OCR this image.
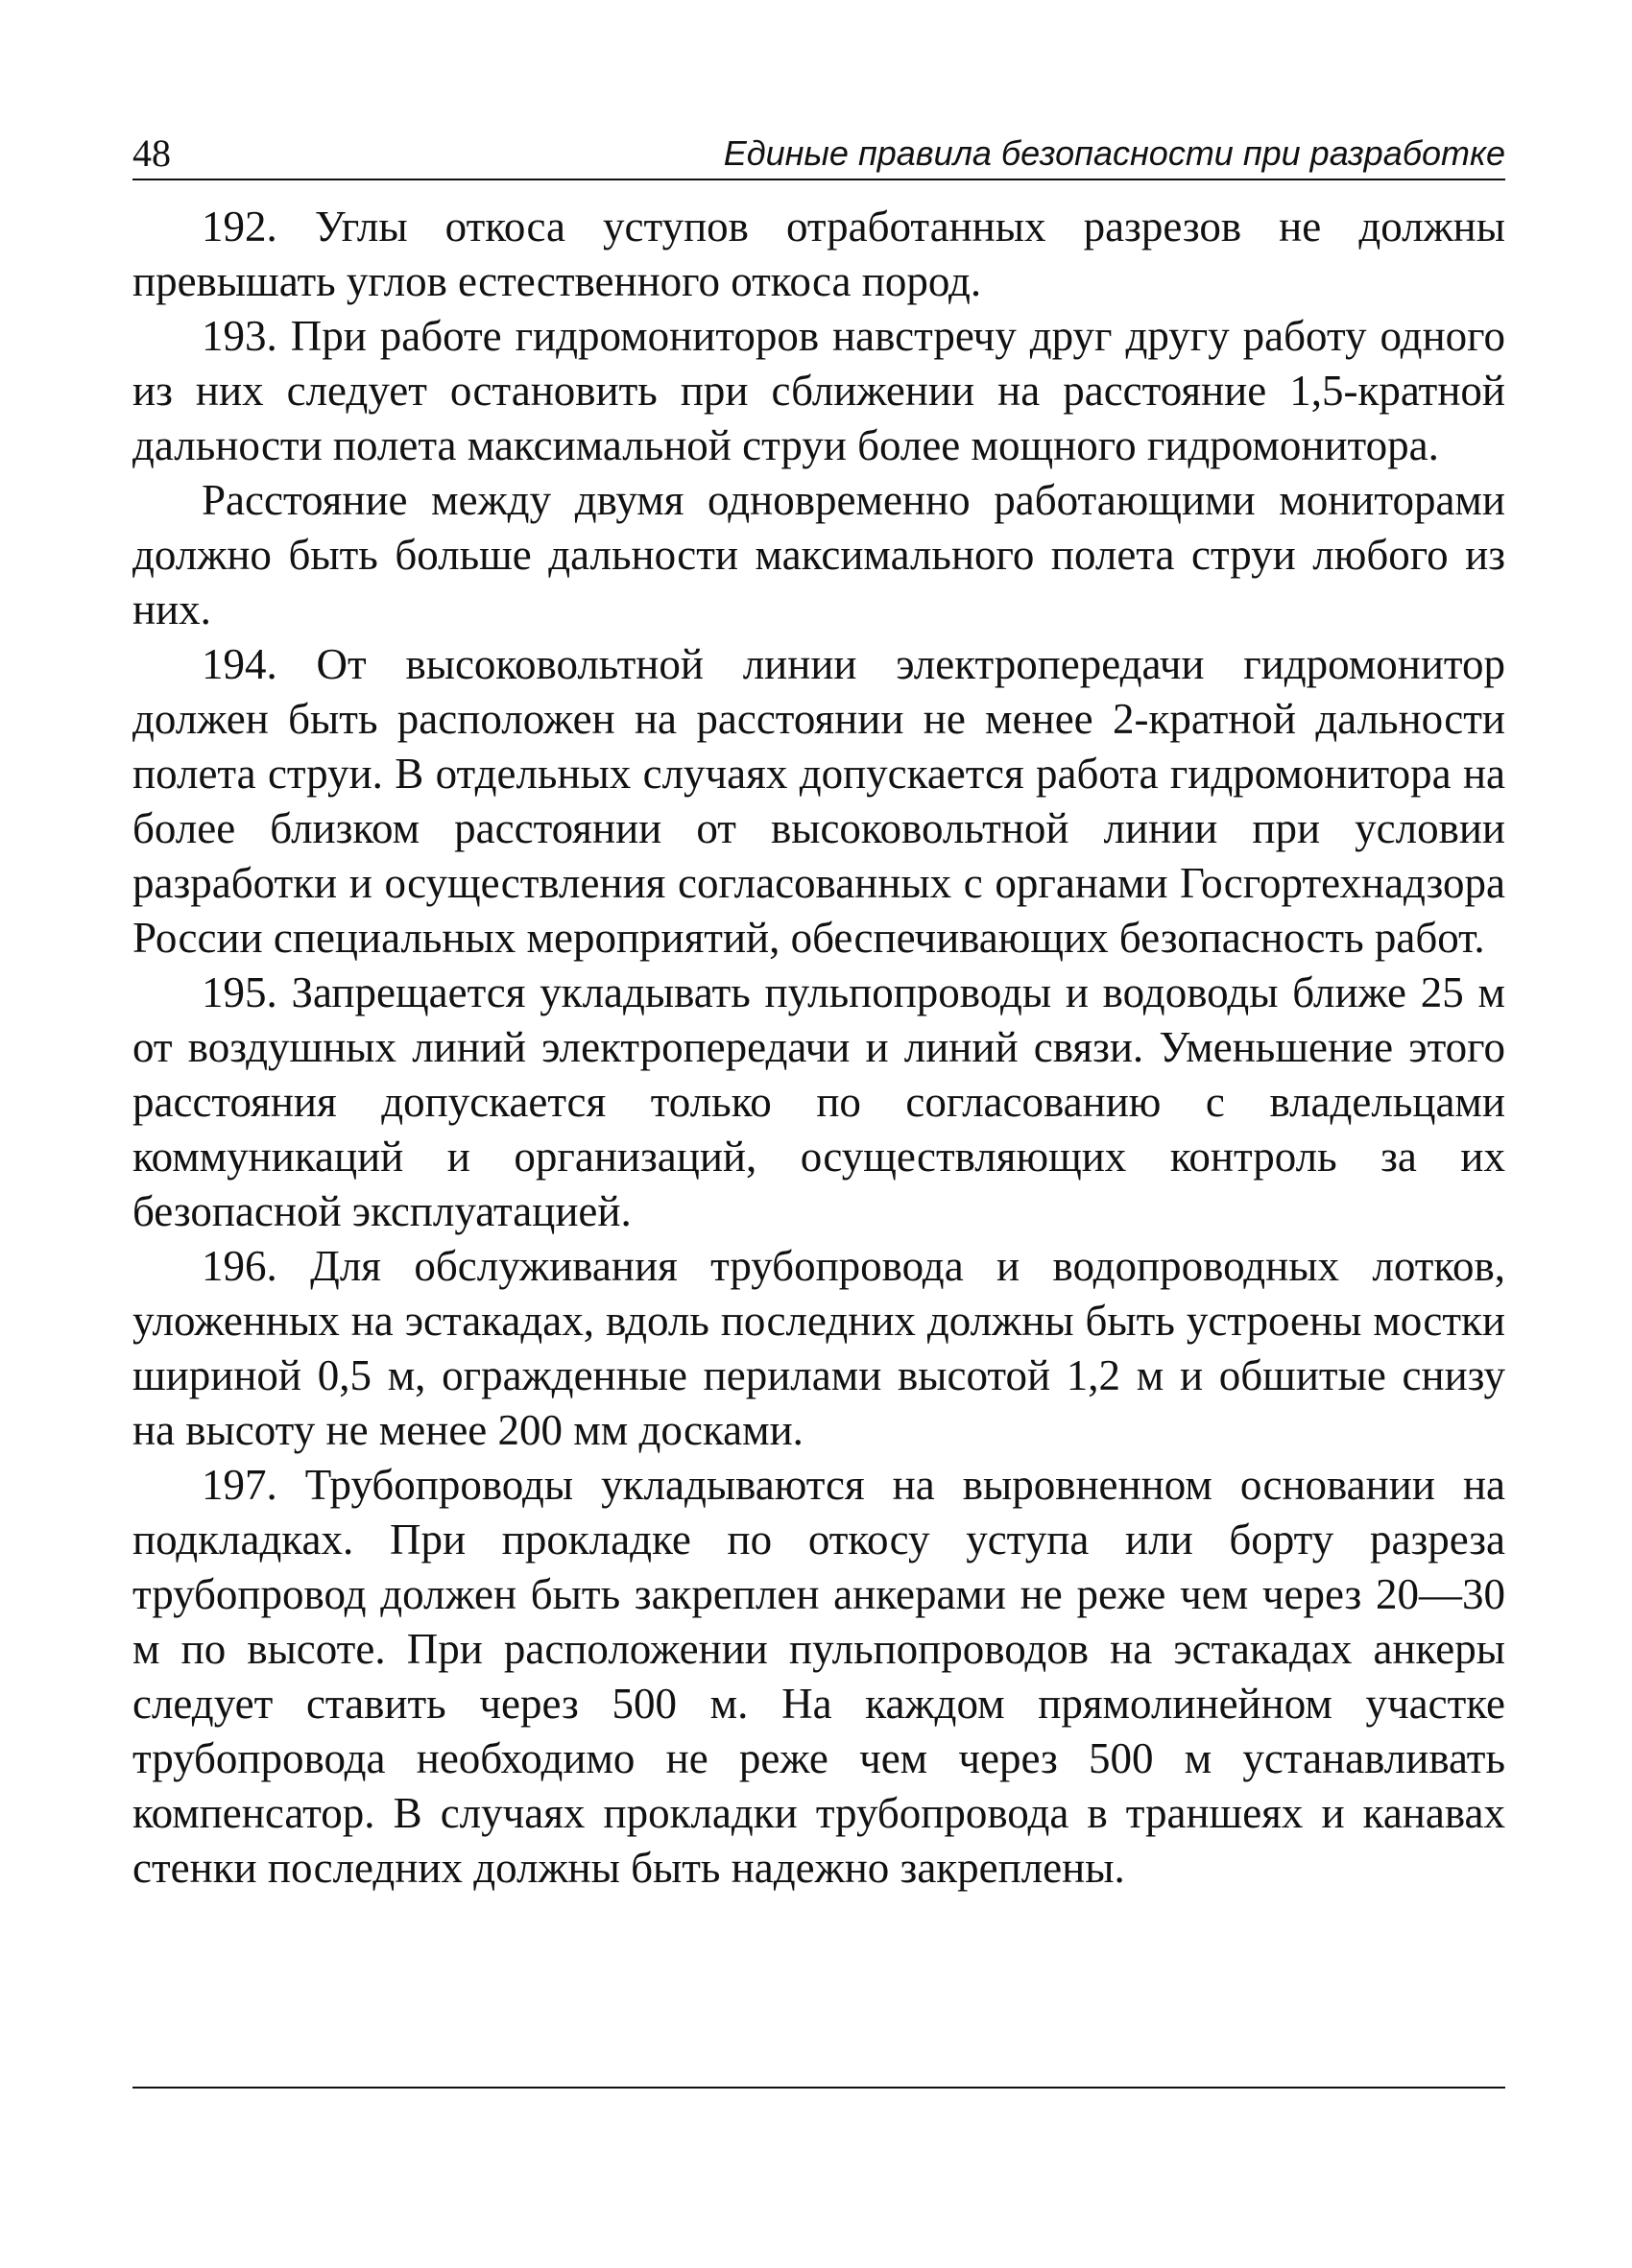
48	Единые правила безопасности при разработке

192. Углы откоса уступов отработанных разрезов не должны превышать углов естественного откоса пород.

193. При работе гидромониторов навстречу друг другу работу одного из них следует остановить при сближении на расстояние 1,5-кратной дальности полета максимальной струи более мощного гидромонитора.

Расстояние между двумя одновременно работающими мониторами должно быть больше дальности максимального полета струи любого из них.

194. От высоковольтной линии электропередачи гидромонитор должен быть расположен на расстоянии не менее 2-кратной дальности полета струи. В отдельных случаях допускается работа гидромонитора на более близком расстоянии от высоковольтной линии при условии разработки и осуществления согласованных с органами Госгортехнадзора России специальных мероприятий, обеспечивающих безопасность работ.

195. Запрещается укладывать пульпопроводы и водоводы ближе 25 м от воздушных линий электропередачи и линий связи. Уменьшение этого расстояния допускается только по согласованию с владельцами коммуникаций и организаций, осуществляющих контроль за их безопасной эксплуатацией.

196. Для обслуживания трубопровода и водопроводных лотков, уложенных на эстакадах, вдоль последних должны быть устроены мостки шириной 0,5 м, огражденные перилами высотой 1,2 м и обшитые снизу на высоту не менее 200 мм досками.

197. Трубопроводы укладываются на выровненном основании на подкладках. При прокладке по откосу уступа или борту разреза трубопровод должен быть закреплен анкерами не реже чем через 20—30 м по высоте. При расположении пульпопроводов на эстакадах анкеры следует ставить через 500 м. На каждом прямолинейном участке трубопровода необходимо не реже чем через 500 м устанавливать компенсатор. В случаях прокладки трубопровода в траншеях и канавах стенки последних должны быть надежно закреплены.
